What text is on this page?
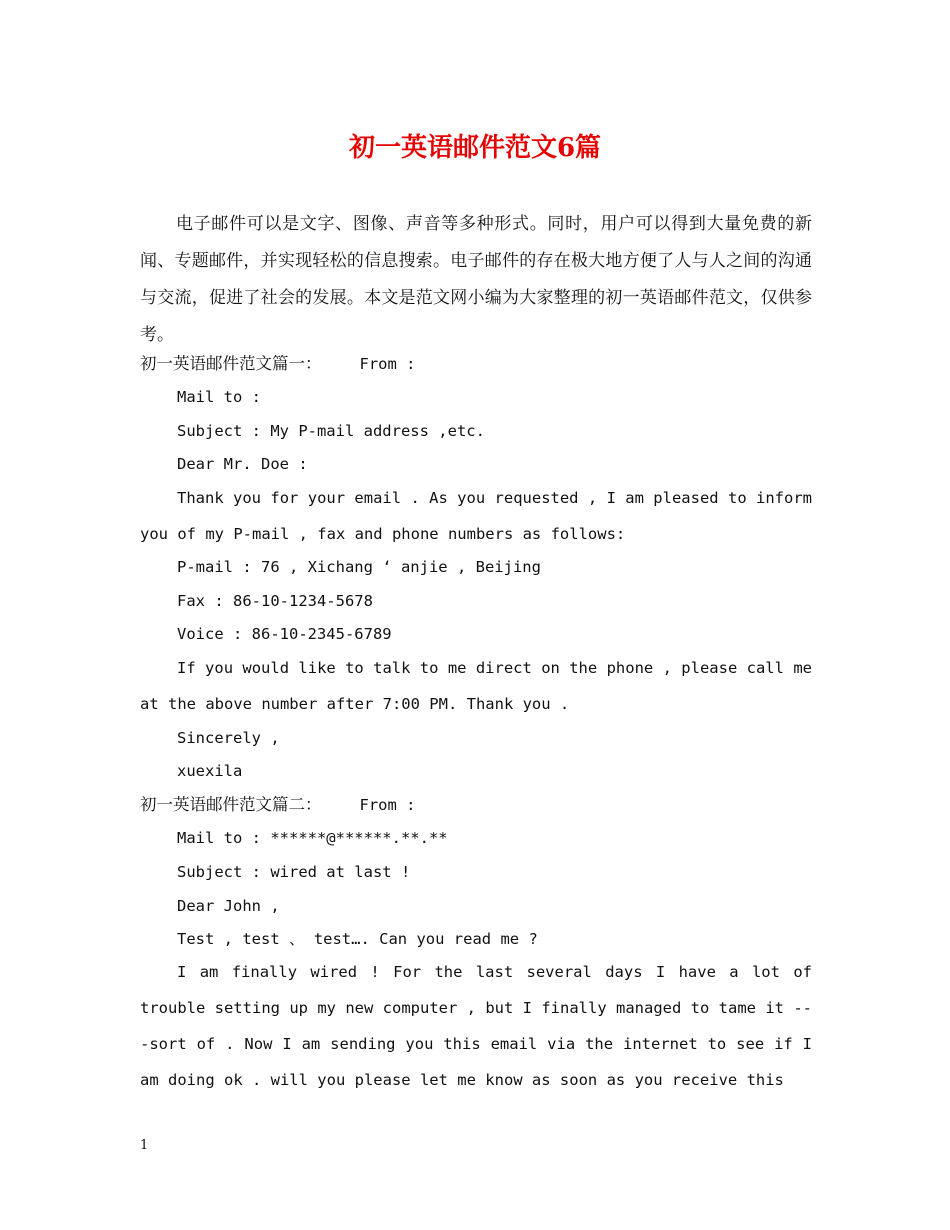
初一英语邮件范文6篇

电子邮件可以是文字、图像、声音等多种形式。同时，用户可以得到大量免费的新闻、专题邮件，并实现轻松的信息搜索。电子邮件的存在极大地方便了人与人之间的沟通与交流，促进了社会的发展。本文是范文网小编为大家整理的初一英语邮件范文，仅供参考。

初一英语邮件范文篇一： From :

Mail to :

Subject : My P-mail address ,etc.

Dear Mr. Doe :

Thank you for your email . As you requested , I am pleased to inform you of my P-mail , fax and phone numbers as follows:

P-mail : 76 , Xichang ‘ anjie , Beijing

Fax : 86-10-1234-5678

Voice : 86-10-2345-6789

If you would like to talk to me direct on the phone , please call me at the above number after 7:00 PM. Thank you .

Sincerely ,

xuexila

初一英语邮件范文篇二： From :

Mail to : ******@******.**.**

Subject : wired at last !

Dear John ,

Test , test 、 test…. Can you read me ?

I am finally wired ! For the last several days I have a lot of trouble setting up my new computer , but I finally managed to tame it ---sort of . Now I am sending you this email via the internet to see if I am doing ok . will you please let me know as soon as you receive this

1
